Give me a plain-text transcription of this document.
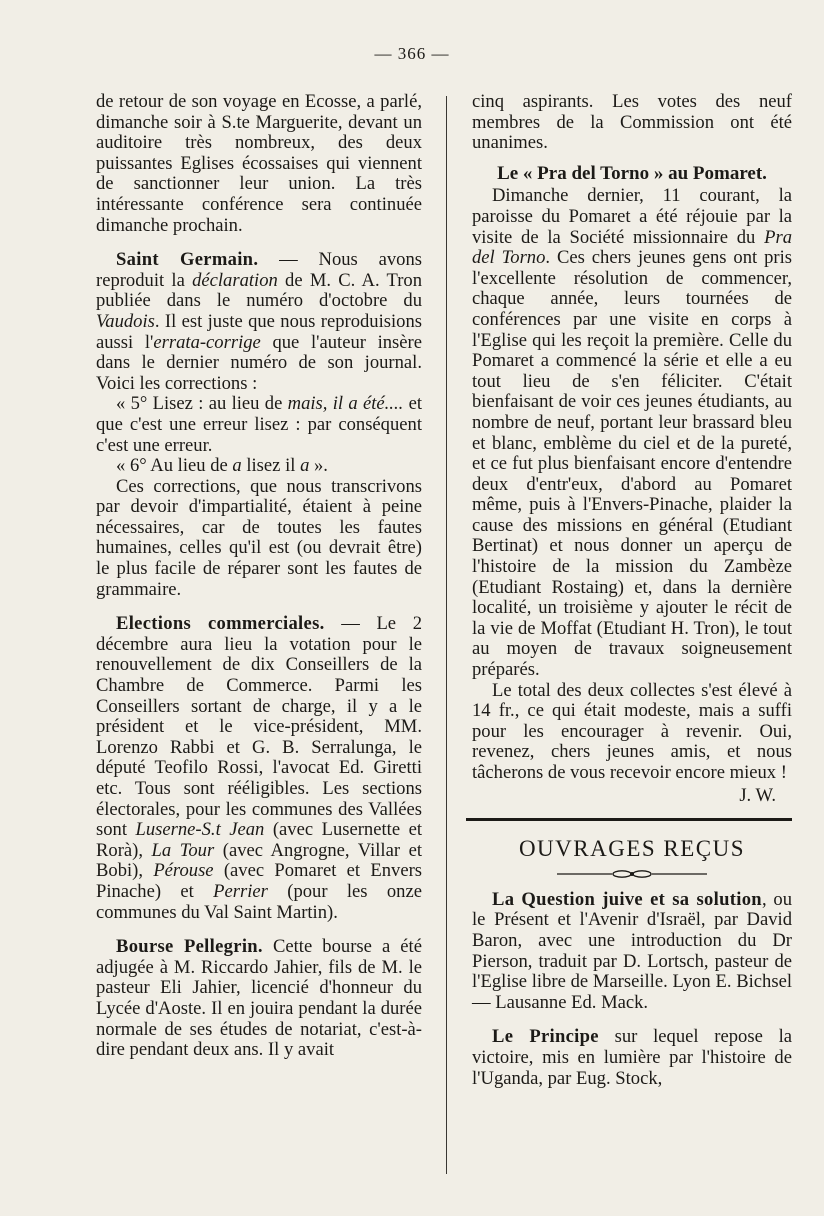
— 366 —

de retour de son voyage en Ecosse, a parlé, dimanche soir à S.te Marguerite, devant un auditoire très nombreux, des deux puissantes Eglises écossaises qui viennent de sanctionner leur union. La très intéressante conférence sera continuée dimanche prochain.

Saint Germain. — Nous avons reproduit la déclaration de M. C. A. Tron publiée dans le numéro d'octobre du Vaudois. Il est juste que nous reproduisions aussi l'errata-corrige que l'auteur insère dans le dernier numéro de son journal. Voici les corrections :

« 5° Lisez : au lieu de mais, il a été.... et que c'est une erreur lisez : par conséquent c'est une erreur.

« 6° Au lieu de a lisez il a ».

Ces corrections, que nous transcrivons par devoir d'impartialité, étaient à peine nécessaires, car de toutes les fautes humaines, celles qu'il est (ou devrait être) le plus facile de réparer sont les fautes de grammaire.

Elections commerciales. — Le 2 décembre aura lieu la votation pour le renouvellement de dix Conseillers de la Chambre de Commerce. Parmi les Conseillers sortant de charge, il y a le président et le vice-président, MM. Lorenzo Rabbi et G. B. Serralunga, le député Teofilo Rossi, l'avocat Ed. Giretti etc. Tous sont rééligibles. Les sections électorales, pour les communes des Vallées sont Luserne-S.t Jean (avec Lusernette et Rorà), La Tour (avec Angrogne, Villar et Bobi), Pérouse (avec Pomaret et Envers Pinache) et Perrier (pour les onze communes du Val Saint Martin).

Bourse Pellegrin. Cette bourse a été adjugée à M. Riccardo Jahier, fils de M. le pasteur Eli Jahier, licencié d'honneur du Lycée d'Aoste. Il en jouira pendant la durée normale de ses études de notariat, c'est-à-dire pendant deux ans. Il y avait

cinq aspirants. Les votes des neuf membres de la Commission ont été unanimes.

Le « Pra del Torno » au Pomaret.

Dimanche dernier, 11 courant, la paroisse du Pomaret a été réjouie par la visite de la Société missionnaire du Pra del Torno. Ces chers jeunes gens ont pris l'excellente résolution de commencer, chaque année, leurs tournées de conférences par une visite en corps à l'Eglise qui les reçoit la première. Celle du Pomaret a commencé la série et elle a eu tout lieu de s'en féliciter. C'était bienfaisant de voir ces jeunes étudiants, au nombre de neuf, portant leur brassard bleu et blanc, emblème du ciel et de la pureté, et ce fut plus bienfaisant encore d'entendre deux d'entr'eux, d'abord au Pomaret même, puis à l'Envers-Pinache, plaider la cause des missions en général (Etudiant Bertinat) et nous donner un aperçu de l'histoire de la mission du Zambèze (Etudiant Rostaing) et, dans la dernière localité, un troisième y ajouter le récit de la vie de Moffat (Etudiant H. Tron), le tout au moyen de travaux soigneusement préparés.

Le total des deux collectes s'est élevé à 14 fr., ce qui était modeste, mais a suffi pour les encourager à revenir. Oui, revenez, chers jeunes amis, et nous tâcherons de vous recevoir encore mieux !

J. W.

OUVRAGES REÇUS

La Question juive et sa solution, ou le Présent et l'Avenir d'Israël, par David Baron, avec une introduction du Dr Pierson, traduit par D. Lortsch, pasteur de l'Eglise libre de Marseille. Lyon E. Bichsel — Lausanne Ed. Mack.

Le Principe sur lequel repose la victoire, mis en lumière par l'histoire de l'Uganda, par Eug. Stock,
